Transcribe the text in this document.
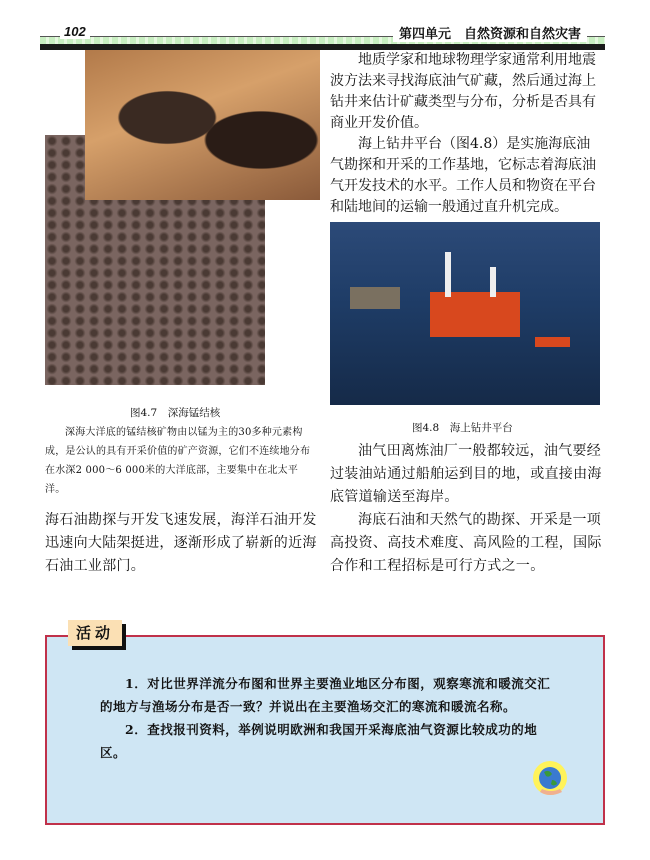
102	第四单元　自然资源和自然灾害

地质学家和地球物理学家通常利用地震波方法来寻找海底油气矿藏，然后通过海上钻井来估计矿藏类型与分布，分析是否具有商业开发价值。

海上钻井平台（图4.8）是实施海底油气勘探和开采的工作基地，它标志着海底油气开发技术的水平。工作人员和物资在平台和陆地间的运输一般通过直升机完成。

图4.7　深海锰结核

深海大洋底的锰结核矿物由以锰为主的30多种元素构成，是公认的具有开采价值的矿产资源，它们不连续地分布在水深2 000～6 000米的大洋底部，主要集中在北太平洋。

图4.8　海上钻井平台
海石油勘探与开发飞速发展，海洋石油开发迅速向大陆架挺进，逐渐形成了崭新的近海石油工业部门。

油气田离炼油厂一般都较远，油气要经过装油站通过船舶运到目的地，或直接由海底管道输送至海岸。

海底石油和天然气的勘探、开采是一项高投资、高技术难度、高风险的工程，国际合作和工程招标是可行方式之一。

活动

1．对比世界洋流分布图和世界主要渔业地区分布图，观察寒流和暖流交汇的地方与渔场分布是否一致？并说出在主要渔场交汇的寒流和暖流名称。

2．查找报刊资料，举例说明欧洲和我国开采海底油气资源比较成功的地区。
